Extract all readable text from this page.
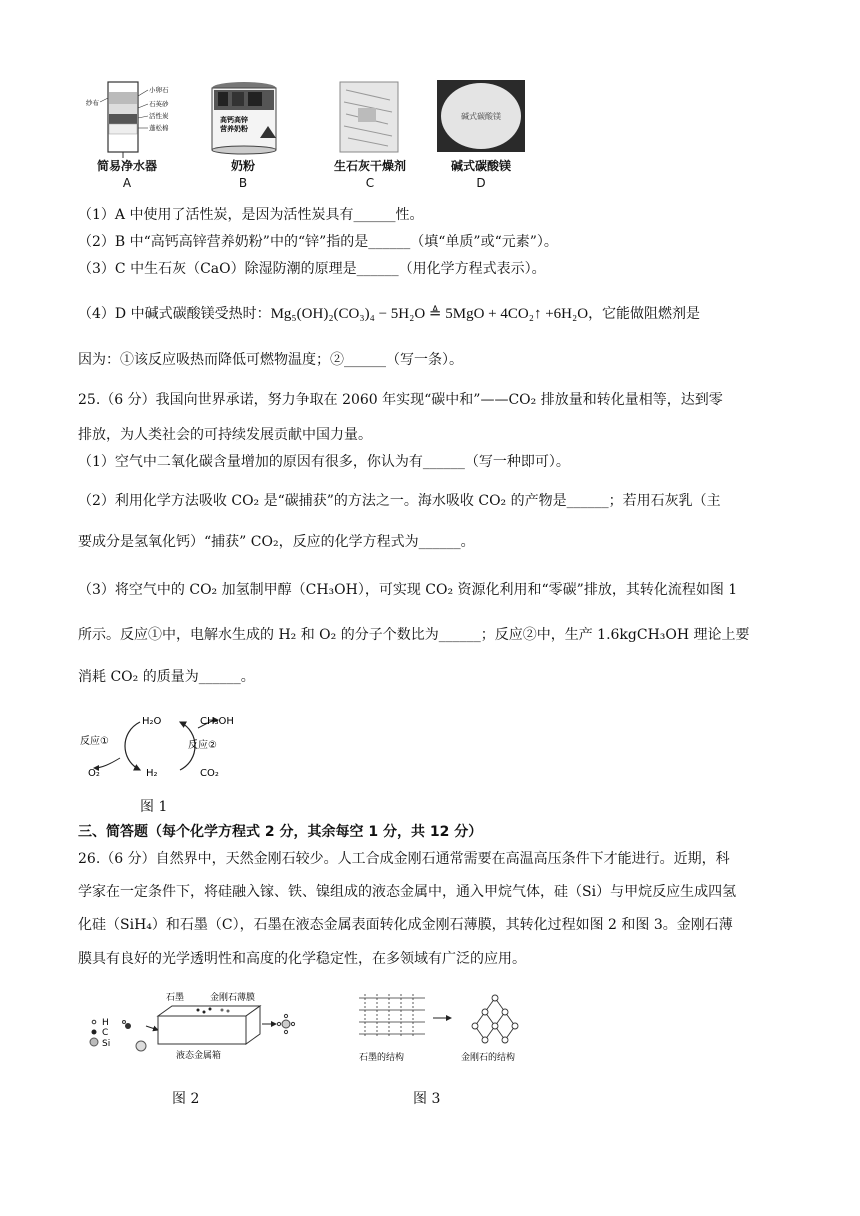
小卵石
石英砂
活性炭
蓬松棉
纱布
简易净水器
A
高钙高锌
营养奶粉
奶粉
B
生石灰干燥剂
C
碱式碳酸镁
碱式碳酸镁
D
（1）A 中使用了活性炭，是因为活性炭具有______性。
（2）B 中“高钙高锌营养奶粉”中的“锌”指的是______（填“单质”或“元素”）。
（3）C 中生石灰（CaO）除湿防潮的原理是______（用化学方程式表示）。
（4）D 中碱式碳酸镁受热时：Mg₅(OH)₂(CO₃)₄ − 5H₂O ≜ 5MgO + 4CO₂↑ +6H₂O，它能做阻燃剂是
因为：①该反应吸热而降低可燃物温度；②______（写一条）。
25.（6 分）我国向世界承诺，努力争取在 2060 年实现“碳中和”——CO₂ 排放量和转化量相等，达到零
排放，为人类社会的可持续发展贡献中国力量。
（1）空气中二氧化碳含量增加的原因有很多，你认为有______（写一种即可）。
（2）利用化学方法吸收 CO₂ 是“碳捕获”的方法之一。海水吸收 CO₂ 的产物是______；若用石灰乳（主
要成分是氢氧化钙）“捕获” CO₂，反应的化学方程式为______。
（3）将空气中的 CO₂ 加氢制甲醇（CH₃OH），可实现 CO₂ 资源化利用和“零碳”排放，其转化流程如图 1
所示。反应①中，电解水生成的 H₂ 和 O₂ 的分子个数比为______；反应②中，生产 1.6kgCH₃OH 理论上要
消耗 CO₂ 的质量为______。
反应①	反应②
H₂O
O₂	H₂
CH₃OH
CO₂
图 1
三、简答题（每个化学方程式 2 分，其余每空 1 分，共 12 分）
26.（6 分）自然界中，天然金刚石较少。人工合成金刚石通常需要在高温高压条件下才能进行。近期，科
学家在一定条件下，将硅融入镓、铁、镍组成的液态金属中，通入甲烷气体，硅（Si）与甲烷反应生成四氢
化硅（SiH₄）和石墨（C），石墨在液态金属表面转化成金刚石薄膜，其转化过程如图 2 和图 3。金刚石薄
膜具有良好的光学透明性和高度的化学稳定性，在多领域有广泛的应用。
H
C
Si
石墨	金刚石薄膜
液态金属箱
图 2
石墨的结构	金刚石的结构
图 3
